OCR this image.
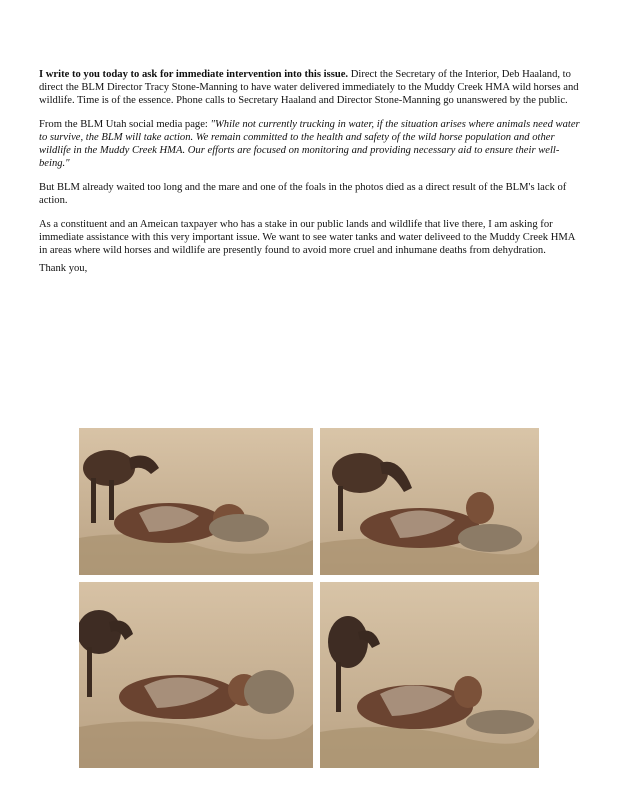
I write to you today to ask for immediate intervention into this issue. Direct the Secretary of the Interior, Deb Haaland, to direct the BLM Director Tracy Stone-Manning to have water delivered immediately to the Muddy Creek HMA wild horses and wildlife. Time is of the essence. Phone calls to Secretary Haaland and Director Stone-Manning go unanswered by the public.

From the BLM Utah social media page: "While not currently trucking in water, if the situation arises where animals need water to survive, the BLM will take action. We remain committed to the health and safety of the wild horse population and other wildlife in the Muddy Creek HMA. Our efforts are focused on monitoring and providing necessary aid to ensure their well-being."

But BLM already waited too long and the mare and one of the foals in the photos died as a direct result of the BLM's lack of action.

As a constituent and an Ameican taxpayer who has a stake in our public lands and wildlife that live there, I am asking for immediate assistance with this very important issue. We want to see water tanks and water deliveed to the Muddy Creek HMA in areas where wild horses and wildlife are presently found to avoid more cruel and inhumane deaths from dehydration.

Thank you,
